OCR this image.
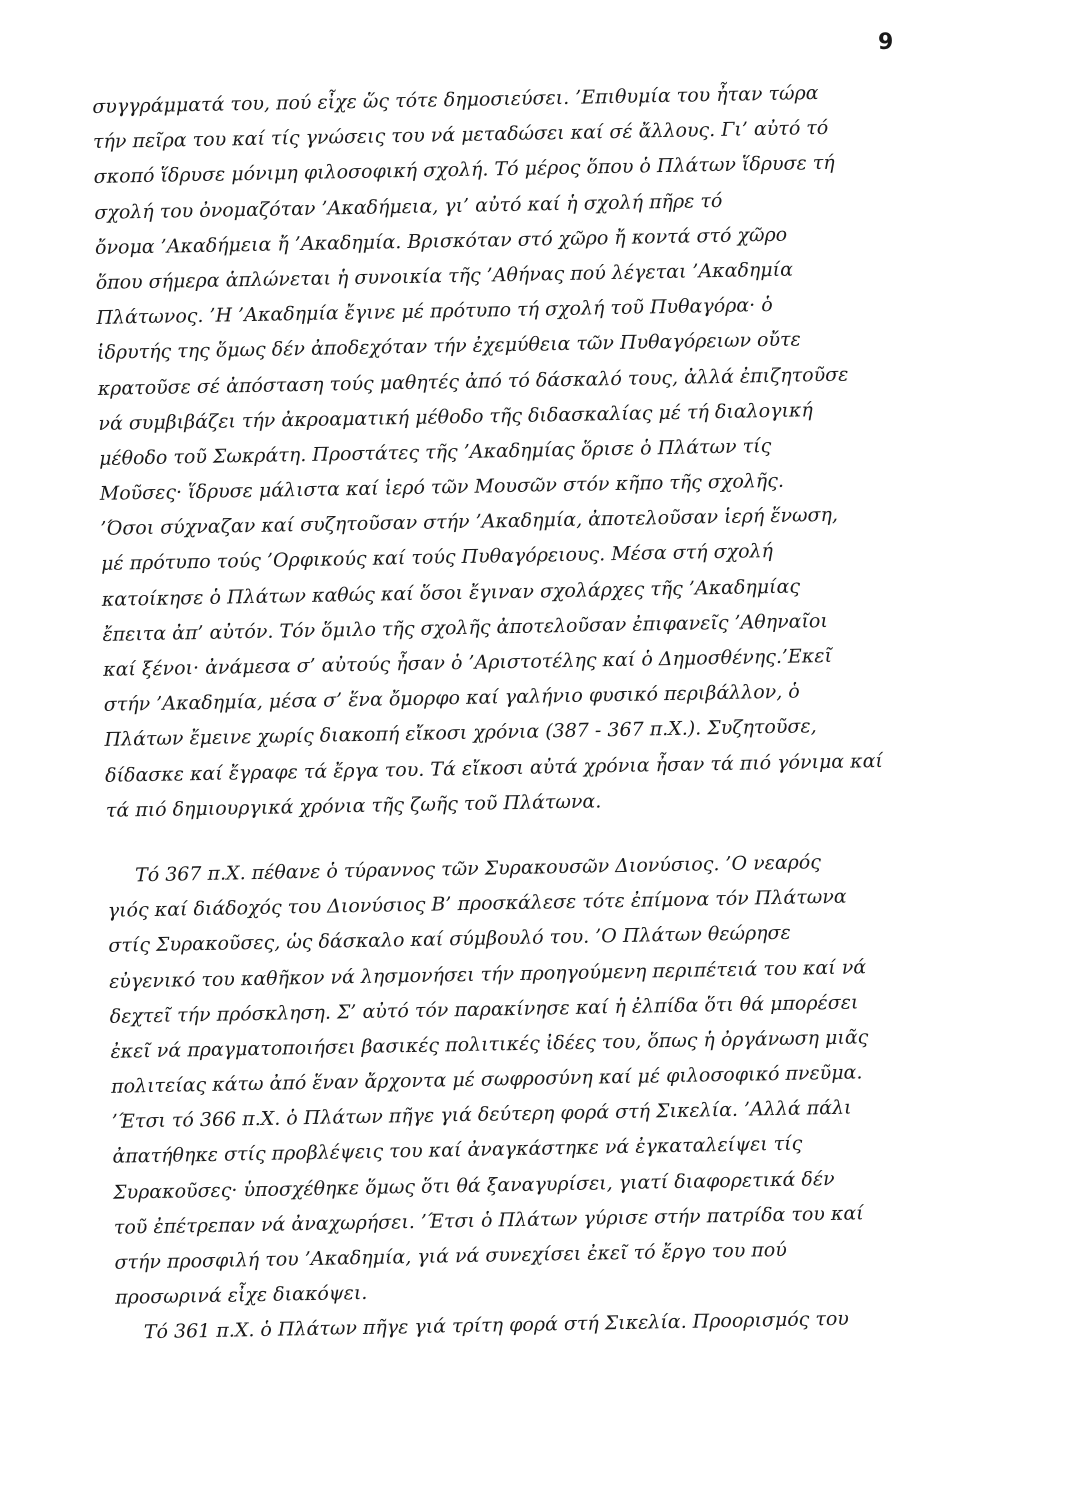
9
συγγράμματά του, πού εἶχε ὥς τότε δημοσιεύσει. ’Επιθυμία του ἦταν τώρα
τήν πεῖρα του καί τίς γνώσεις του νά μεταδώσει καί σέ ἄλλους. Γι’ αὐτό τό
σκοπό ἵδρυσε μόνιμη φιλοσοφική σχολή. Τό μέρος ὅπου ὁ Πλάτων ἵδρυσε τή
σχολή του ὀνομαζόταν ’Ακαδήμεια, γι’ αὐτό καί ἡ σχολή πῆρε τό
ὄνομα ’Ακαδήμεια ἤ ’Ακαδημία. Βρισκόταν στό χῶρο ἤ κοντά στό χῶρο
ὅπου σήμερα ἁπλώνεται ἡ συνοικία τῆς ’Αθήνας πού λέγεται ’Ακαδημία
Πλάτωνος. ’Η ’Ακαδημία ἔγινε μέ πρότυπο τή σχολή τοῦ Πυθαγόρα· ὁ
ἱδρυτής της ὅμως δέν ἀποδεχόταν τήν ἐχεμύθεια τῶν Πυθαγόρειων οὔτε
κρατοῦσε σέ ἀπόσταση τούς μαθητές ἀπό τό δάσκαλό τους, ἀλλά ἐπιζητοῦσε
νά συμβιβάζει τήν ἀκροαματική μέθοδο τῆς διδασκαλίας μέ τή διαλογική
μέθοδο τοῦ Σωκράτη. Προστάτες τῆς ’Ακαδημίας ὅρισε ὁ Πλάτων τίς
Μοῦσες· ἵδρυσε μάλιστα καί ἱερό τῶν Μουσῶν στόν κῆπο τῆς σχολῆς.
’Όσοι σύχναζαν καί συζητοῦσαν στήν ’Ακαδημία, ἀποτελοῦσαν ἱερή ἕνωση,
μέ πρότυπο τούς ’Ορφικούς καί τούς Πυθαγόρειους. Μέσα στή σχολή
κατοίκησε ὁ Πλάτων καθώς καί ὅσοι ἔγιναν σχολάρχες τῆς ’Ακαδημίας
ἔπειτα ἀπ’ αὐτόν. Τόν ὅμιλο τῆς σχολῆς ἀποτελοῦσαν ἐπιφανεῖς ’Αθηναῖοι
καί ξένοι· ἀνάμεσα σ’ αὐτούς ἦσαν ὁ ’Αριστοτέλης καί ὁ Δημοσθένης.’Εκεῖ
στήν ’Ακαδημία, μέσα σ’ ἕνα ὄμορφο καί γαλήνιο φυσικό περιβάλλον, ὁ
Πλάτων ἔμεινε χωρίς διακοπή εἴκοσι χρόνια (387 - 367 π.Χ.). Συζητοῦσε,
δίδασκε καί ἔγραφε τά ἔργα του. Τά εἴκοσι αὐτά χρόνια ἦσαν τά πιό γόνιμα καί
τά πιό δημιουργικά χρόνια τῆς ζωῆς τοῦ Πλάτωνα.
Τό 367 π.Χ. πέθανε ὁ τύραννος τῶν Συρακουσῶν Διονύσιος. ’Ο νεαρός
γιός καί διάδοχός του Διονύσιος Β’ προσκάλεσε τότε ἐπίμονα τόν Πλάτωνα
στίς Συρακοῦσες, ὡς δάσκαλο καί σύμβουλό του. ’Ο Πλάτων θεώρησε
εὐγενικό του καθῆκον νά λησμονήσει τήν προηγούμενη περιπέτειά του καί νά
δεχτεῖ τήν πρόσκληση. Σ’ αὐτό τόν παρακίνησε καί ἡ ἐλπίδα ὅτι θά μπορέσει
ἐκεῖ νά πραγματοποιήσει βασικές πολιτικές ἰδέες του, ὅπως ἡ ὀργάνωση μιᾶς
πολιτείας κάτω ἀπό ἕναν ἄρχοντα μέ σωφροσύνη καί μέ φιλοσοφικό πνεῦμα.
’Έτσι τό 366 π.Χ. ὁ Πλάτων πῆγε γιά δεύτερη φορά στή Σικελία. ’Αλλά πάλι
ἀπατήθηκε στίς προβλέψεις του καί ἀναγκάστηκε νά ἐγκαταλείψει τίς
Συρακοῦσες· ὑποσχέθηκε ὅμως ὅτι θά ξαναγυρίσει, γιατί διαφορετικά δέν
τοῦ ἐπέτρεπαν νά ἀναχωρήσει. ’Έτσι ὁ Πλάτων γύρισε στήν πατρίδα του καί
στήν προσφιλή του ’Ακαδημία, γιά νά συνεχίσει ἐκεῖ τό ἔργο του πού
προσωρινά εἶχε διακόψει.
Τό 361 π.Χ. ὁ Πλάτων πῆγε γιά τρίτη φορά στή Σικελία. Προορισμός του
